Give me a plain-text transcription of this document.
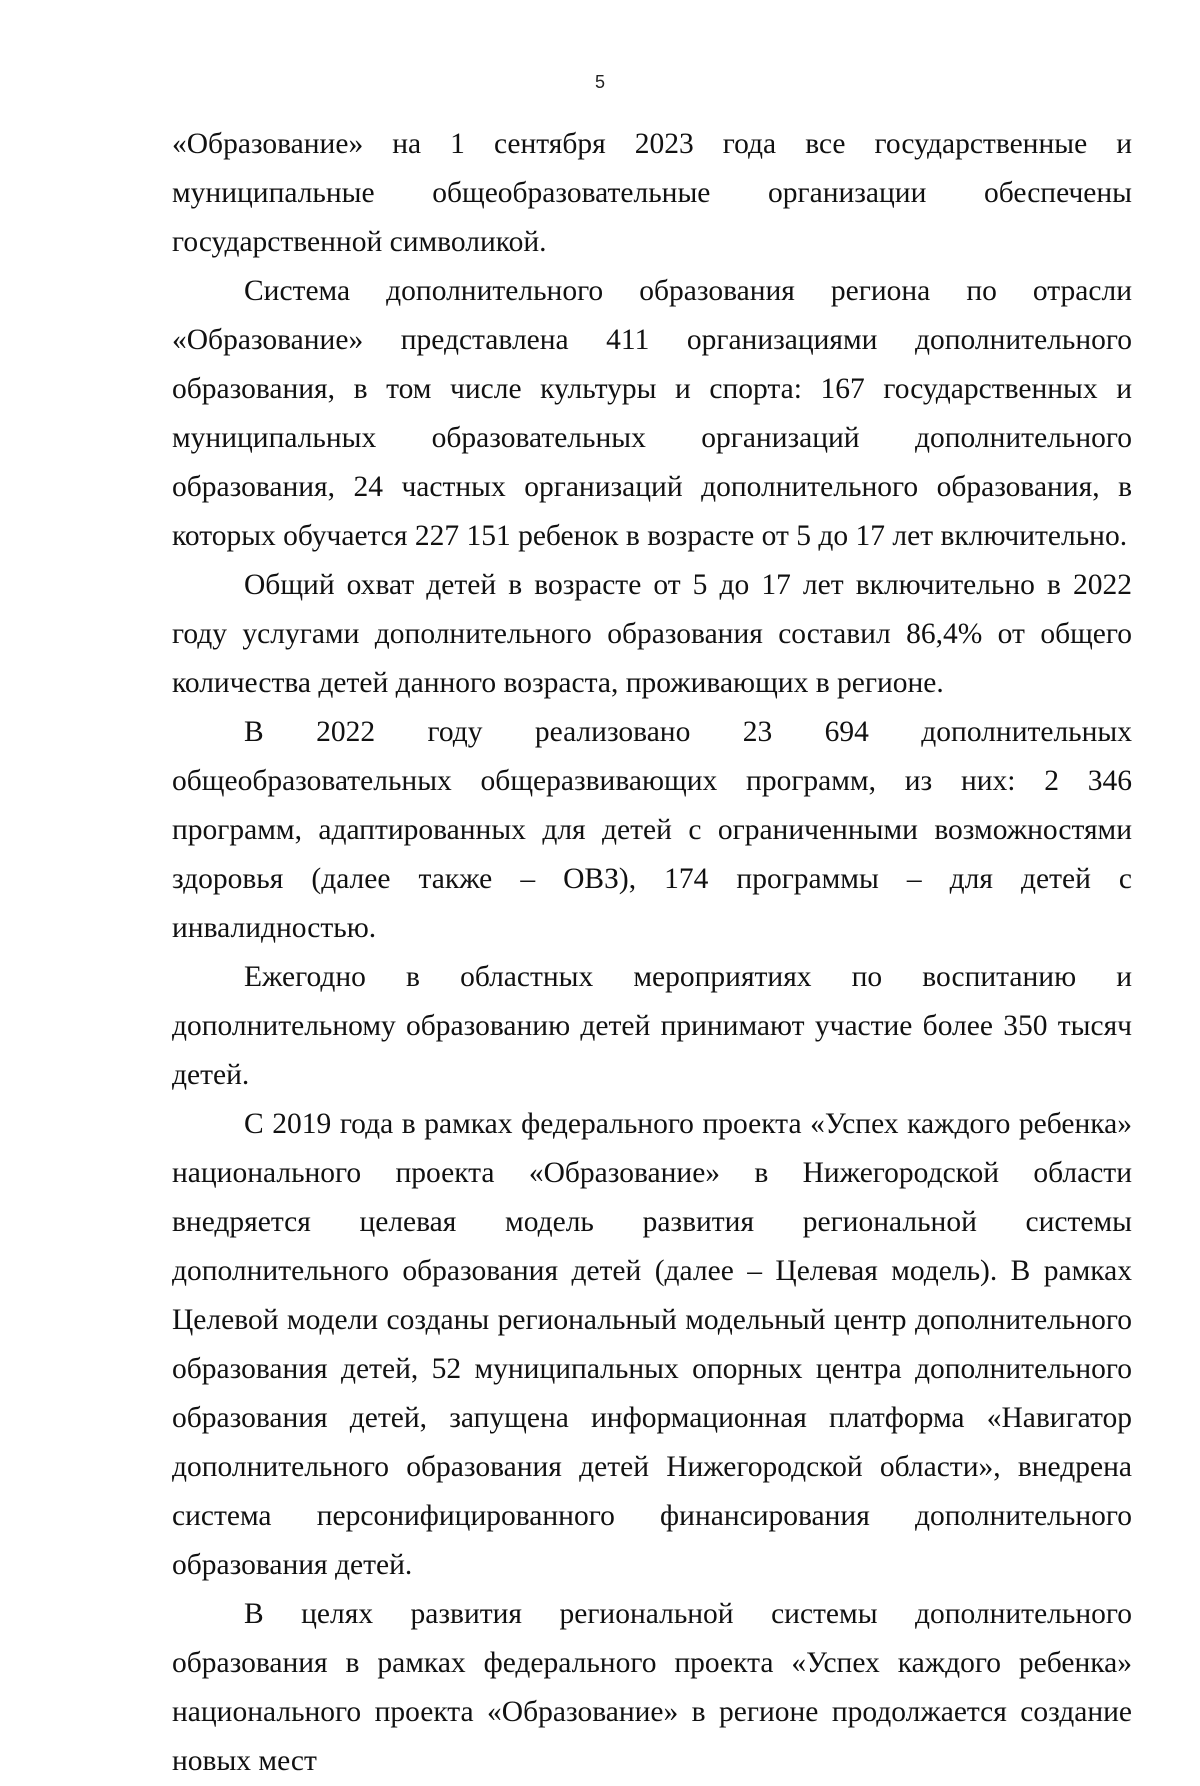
5

«Образование» на 1 сентября 2023 года все государственные и муниципальные общеобразовательные организации обеспечены государственной символикой.

Система дополнительного образования региона по отрасли «Образование» представлена 411 организациями дополнительного образования, в том числе культуры и спорта: 167 государственных и муниципальных образовательных организаций дополнительного образования, 24 частных организаций дополнительного образования, в которых обучается 227 151 ребенок в возрасте от 5 до 17 лет включительно.

Общий охват детей в возрасте от 5 до 17 лет включительно в 2022 году услугами дополнительного образования составил 86,4% от общего количества детей данного возраста, проживающих в регионе.

В 2022 году реализовано 23 694 дополнительных общеобразовательных общеразвивающих программ, из них: 2 346 программ, адаптированных для детей с ограниченными возможностями здоровья (далее также – ОВЗ), 174 программы – для детей с инвалидностью.

Ежегодно в областных мероприятиях по воспитанию и дополнительному образованию детей принимают участие более 350 тысяч детей.

С 2019 года в рамках федерального проекта «Успех каждого ребенка» национального проекта «Образование» в Нижегородской области внедряется целевая модель развития региональной системы дополнительного образования детей (далее – Целевая модель). В рамках Целевой модели созданы региональный модельный центр дополнительного образования детей, 52 муниципальных опорных центра дополнительного образования детей, запущена информационная платформа «Навигатор дополнительного образования детей Нижегородской области», внедрена система персонифицированного финансирования дополнительного образования детей.

В целях развития региональной системы дополнительного образования в рамках федерального проекта «Успех каждого ребенка» национального проекта «Образование» в регионе продолжается создание новых мест
